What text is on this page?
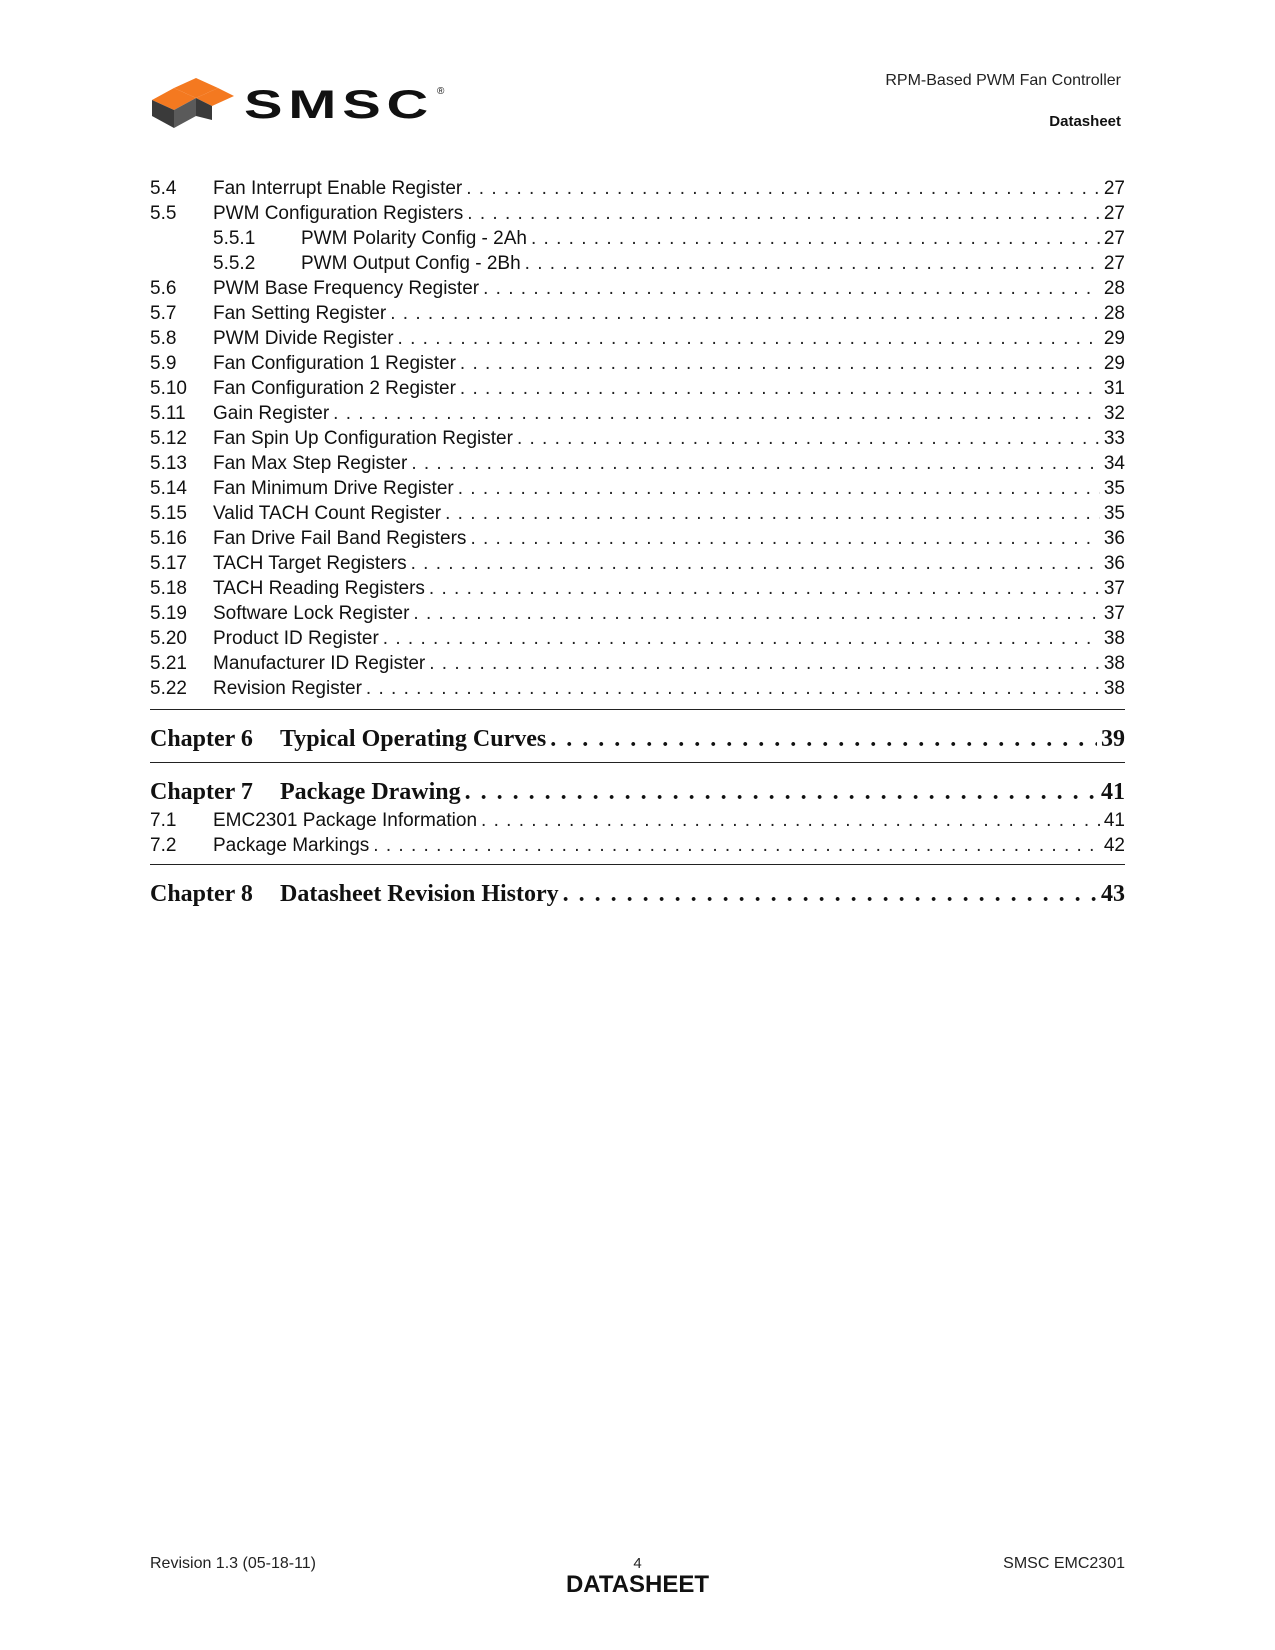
SMSC ®
RPM-Based PWM Fan Controller
Datasheet
5.4	Fan Interrupt Enable Register . . .	27
5.5	PWM Configuration Registers . . .	27
5.5.1	PWM Polarity Config - 2Ah . . .	27
5.5.2	PWM Output Config - 2Bh . . .	27
5.6	PWM Base Frequency Register . . .	28
5.7	Fan Setting Register . . .	28
5.8	PWM Divide Register . . .	29
5.9	Fan Configuration 1 Register . . .	29
5.10	Fan Configuration 2 Register . . .	31
5.11	Gain Register . . .	32
5.12	Fan Spin Up Configuration Register . . .	33
5.13	Fan Max Step Register . . .	34
5.14	Fan Minimum Drive Register . . .	35
5.15	Valid TACH Count Register . . .	35
5.16	Fan Drive Fail Band Registers . . .	36
5.17	TACH Target Registers . . .	36
5.18	TACH Reading Registers . . .	37
5.19	Software Lock Register . . .	37
5.20	Product ID Register . . .	38
5.21	Manufacturer ID Register . . .	38
5.22	Revision Register . . .	38
Chapter 6	Typical Operating Curves . . .	39
Chapter 7	Package Drawing . . .	41
7.1	EMC2301 Package Information . . .	41
7.2	Package Markings . . .	42
Chapter 8	Datasheet Revision History . . .	43
Revision 1.3 (05-18-11)	4
DATASHEET
SMSC EMC2301
